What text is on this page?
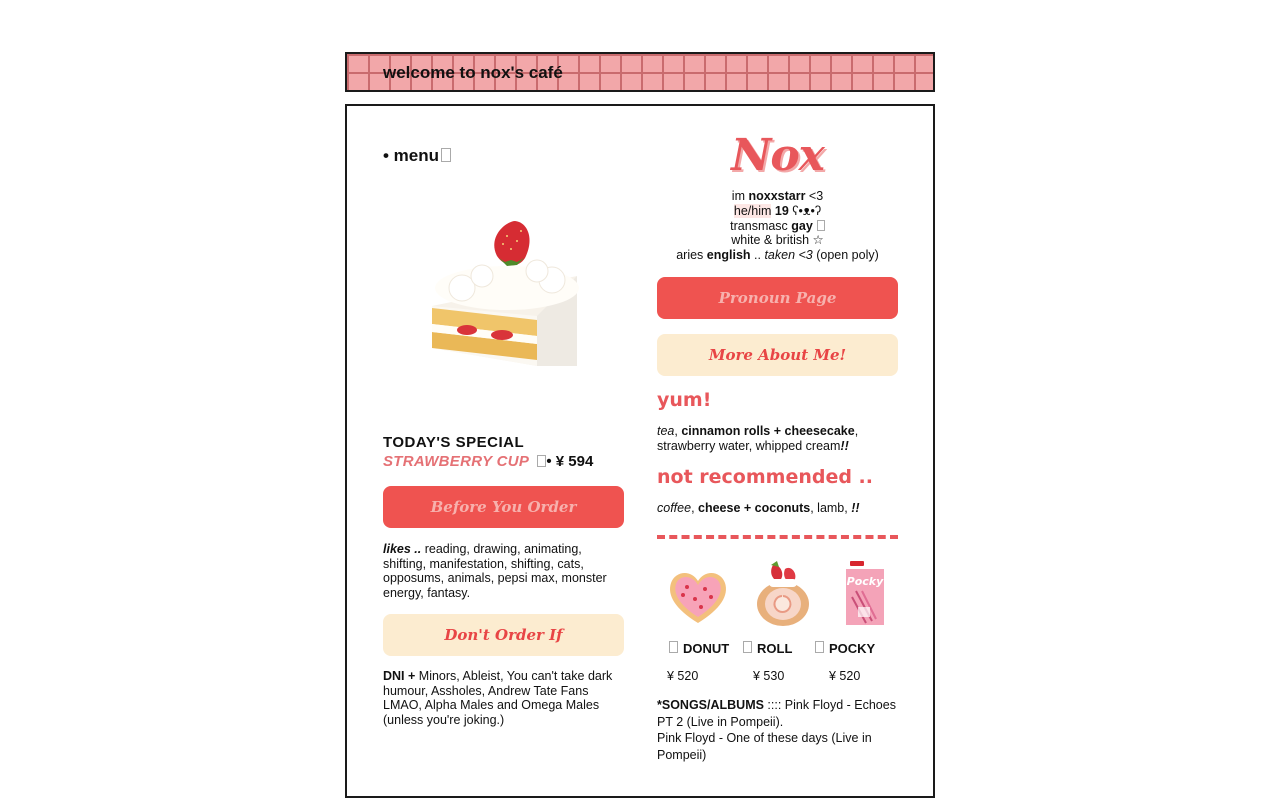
welcome to nox's café
• menu
TODAY'S SPECIAL
STRAWBERRY CUP • ¥ 594
Before You Order
likes .. reading, drawing, animating, shifting, manifestation, shifting, cats, opposums, animals, pepsi max, monster energy, fantasy.
Don't Order If
DNI + Minors, Ableist, You can't take dark humour, Assholes, Andrew Tate Fans LMAO, Alpha Males and Omega Males (unless you're joking.)
Nox
im noxxstarr <3
he/him 19 ʕ•ᴥ•ʔ
transmasc gay
white & british ☆
aries english .. taken <3 (open poly)
Pronoun Page
More About Me!
yum!
tea, cinnamon rolls + cheesecake, strawberry water, whipped cream!!
not recommended ..
coffee, cheese + coconuts, lamb, !!
Pocky
DONUT	ROLL	POCKY
¥ 520	¥ 530	¥ 520
*SONGS/ALBUMS :::: Pink Floyd - Echoes PT 2 (Live in Pompeii).
Pink Floyd - One of these days (Live in Pompeii)
